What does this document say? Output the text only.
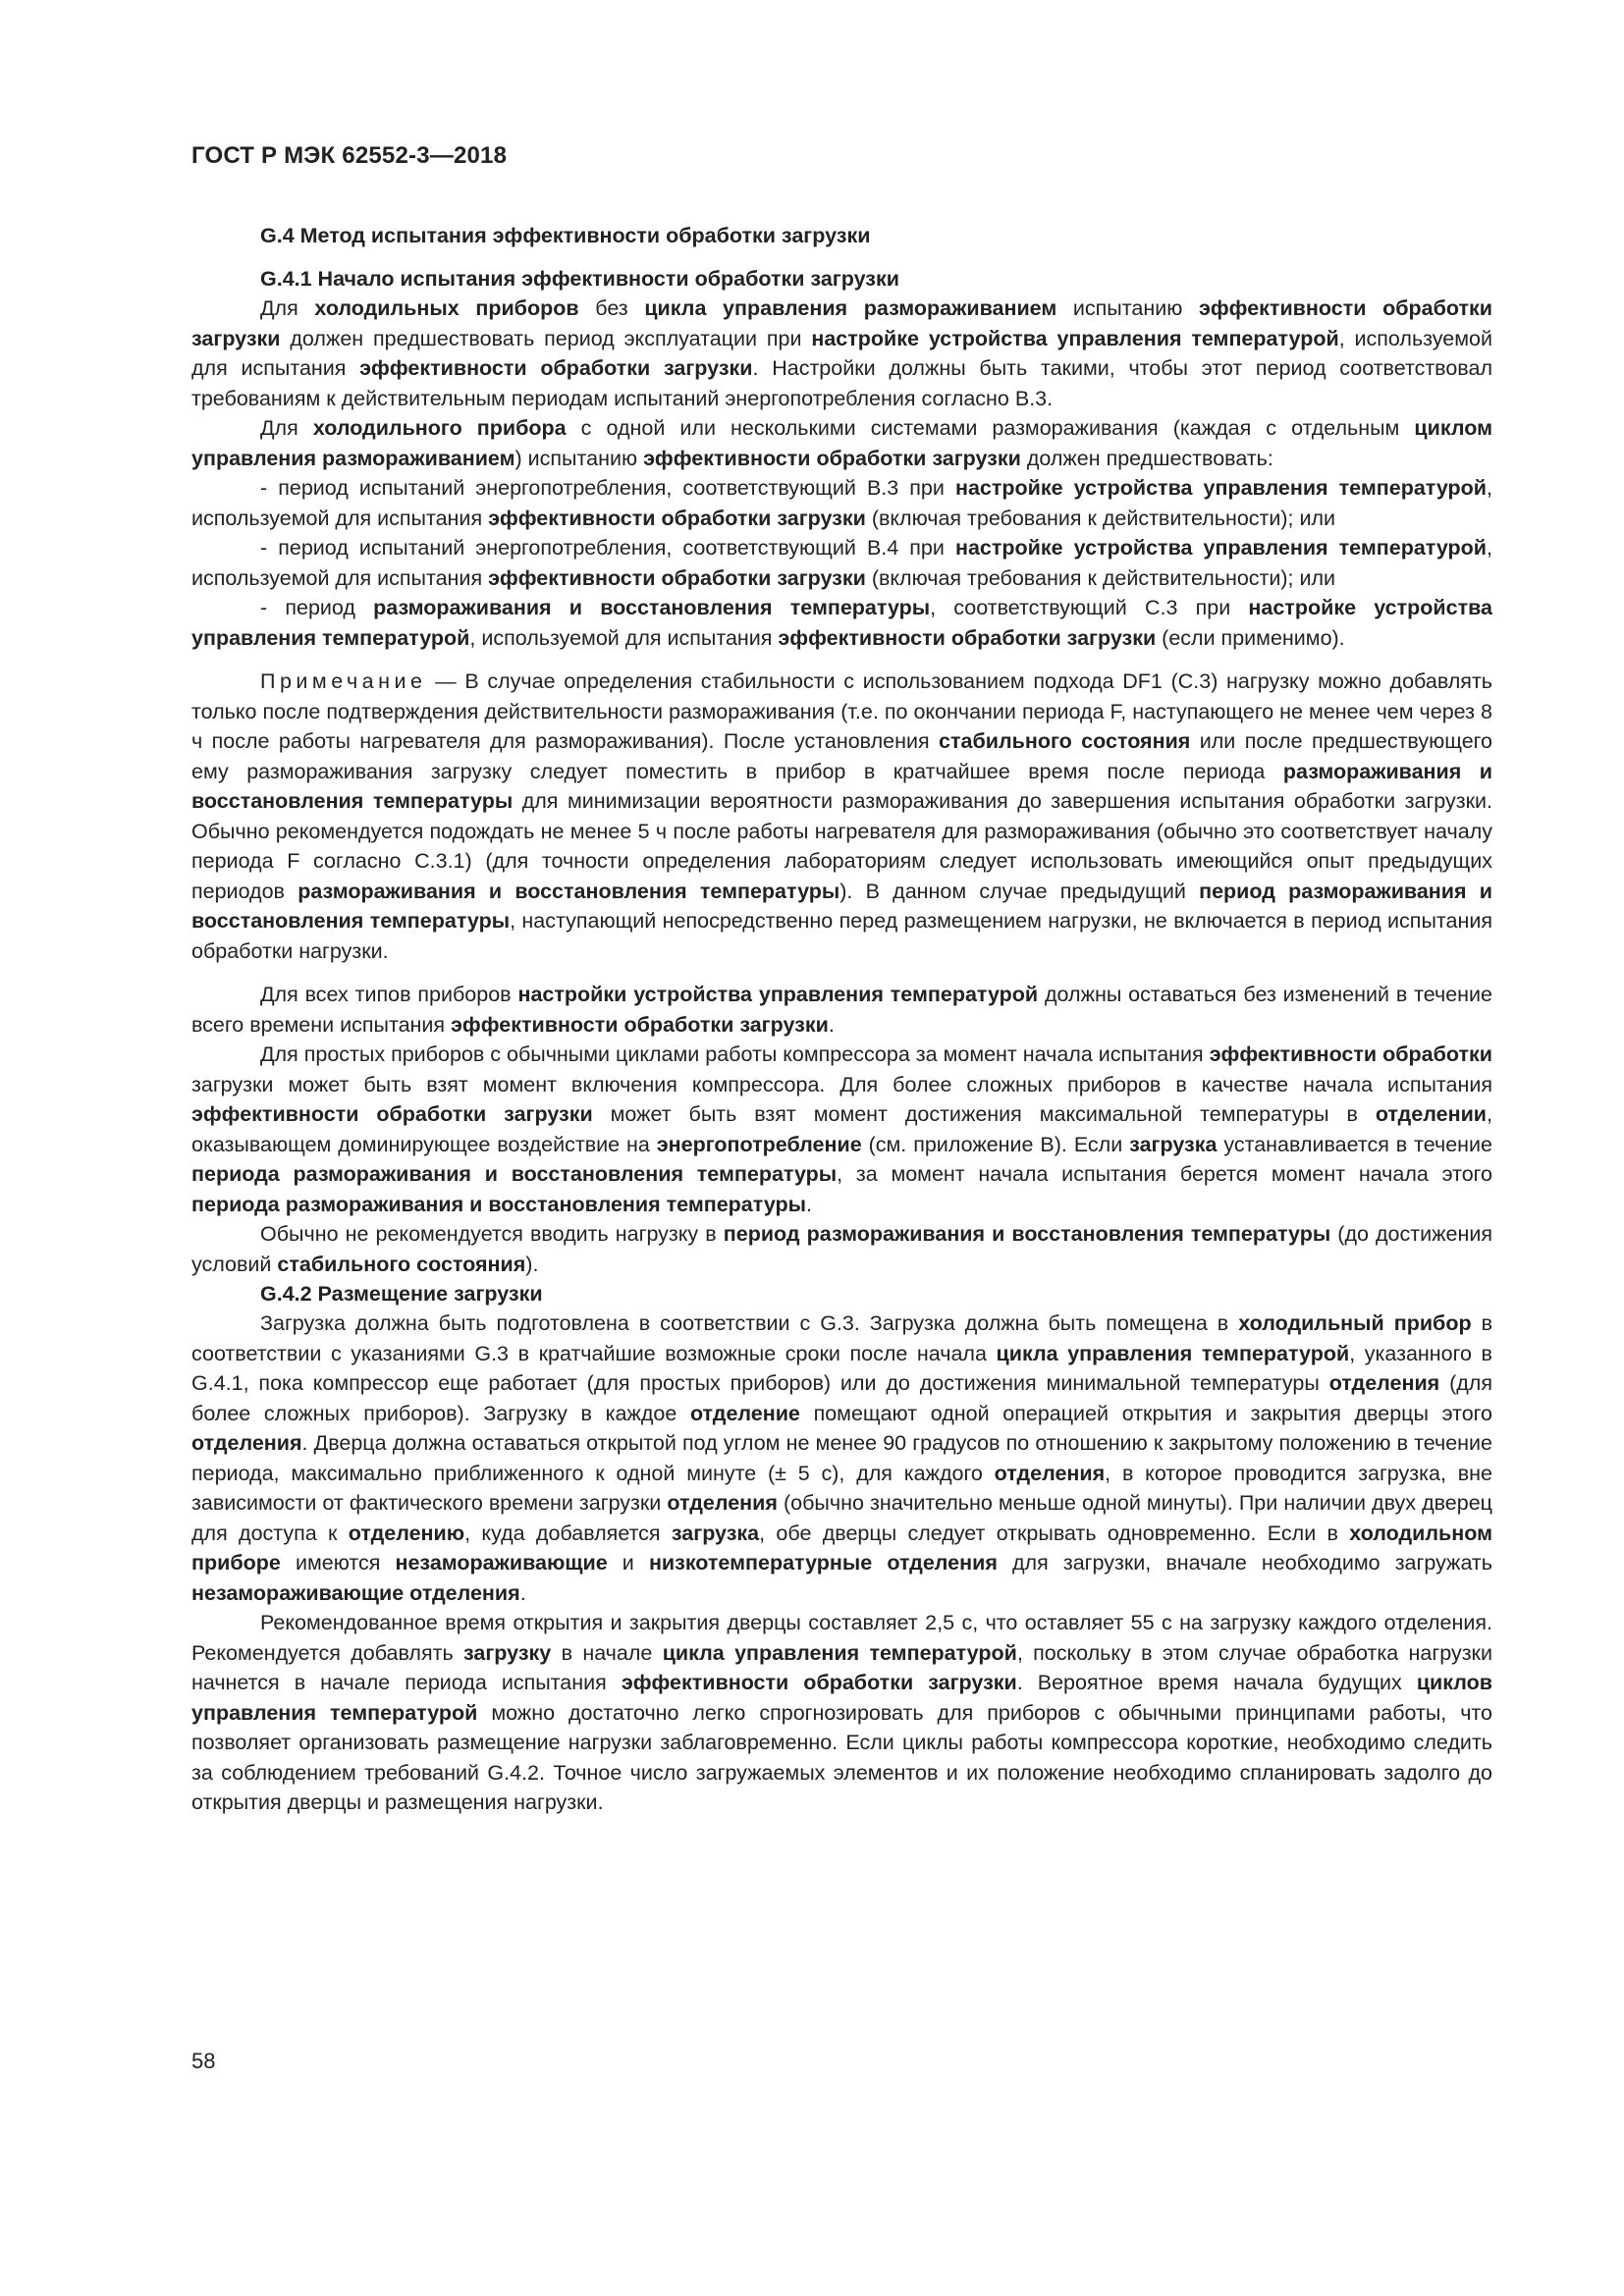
ГОСТ Р МЭК 62552-3—2018
G.4 Метод испытания эффективности обработки загрузки
G.4.1 Начало испытания эффективности обработки загрузки

Для холодильных приборов без цикла управления размораживанием испытанию эффективности обработки загрузки должен предшествовать период эксплуатации при настройке устройства управления температурой, используемой для испытания эффективности обработки загрузки. Настройки должны быть такими, чтобы этот период соответствовал требованиям к действительным периодам испытаний энергопотребления согласно В.3.

Для холодильного прибора с одной или несколькими системами размораживания (каждая с отдельным циклом управления размораживанием) испытанию эффективности обработки загрузки должен предшествовать:

- период испытаний энергопотребления, соответствующий В.3 при настройке устройства управления температурой, используемой для испытания эффективности обработки загрузки (включая требования к действительности); или

- период испытаний энергопотребления, соответствующий В.4 при настройке устройства управления температурой, используемой для испытания эффективности обработки загрузки (включая требования к действительности); или

- период размораживания и восстановления температуры, соответствующий С.3 при настройке устройства управления температурой, используемой для испытания эффективности обработки загрузки (если применимо).

Примечание — В случае определения стабильности с использованием подхода DF1 (С.3) нагрузку можно добавлять только после подтверждения действительности размораживания (т.е. по окончании периода F, наступающего не менее чем через 8 ч после работы нагревателя для размораживания). После установления стабильного состояния или после предшествующего ему размораживания загрузку следует поместить в прибор в кратчайшее время после периода размораживания и восстановления температуры для минимизации вероятности размораживания до завершения испытания обработки загрузки. Обычно рекомендуется подождать не менее 5 ч после работы нагревателя для размораживания (обычно это соответствует началу периода F согласно С.3.1) (для точности определения лабораториям следует использовать имеющийся опыт предыдущих периодов размораживания и восстановления температуры). В данном случае предыдущий период размораживания и восстановления температуры, наступающий непосредственно перед размещением нагрузки, не включается в период испытания обработки нагрузки.

Для всех типов приборов настройки устройства управления температурой должны оставаться без изменений в течение всего времени испытания эффективности обработки загрузки.

Для простых приборов с обычными циклами работы компрессора за момент начала испытания эффективности обработки загрузки может быть взят момент включения компрессора. Для более сложных приборов в качестве начала испытания эффективности обработки загрузки может быть взят момент достижения максимальной температуры в отделении, оказывающем доминирующее воздействие на энергопотребление (см. приложение В). Если загрузка устанавливается в течение периода размораживания и восстановления температуры, за момент начала испытания берется момент начала этого периода размораживания и восстановления температуры.

Обычно не рекомендуется вводить нагрузку в период размораживания и восстановления температуры (до достижения условий стабильного состояния).

G.4.2 Размещение загрузки

Загрузка должна быть подготовлена в соответствии с G.3. Загрузка должна быть помещена в холодильный прибор в соответствии с указаниями G.3 в кратчайшие возможные сроки после начала цикла управления температурой, указанного в G.4.1, пока компрессор еще работает (для простых приборов) или до достижения минимальной температуры отделения (для более сложных приборов). Загрузку в каждое отделение помещают одной операцией открытия и закрытия дверцы этого отделения. Дверца должна оставаться открытой под углом не менее 90 градусов по отношению к закрытому положению в течение периода, максимально приближенного к одной минуте (± 5 с), для каждого отделения, в которое проводится загрузка, вне зависимости от фактического времени загрузки отделения (обычно значительно меньше одной минуты). При наличии двух дверец для доступа к отделению, куда добавляется загрузка, обе дверцы следует открывать одновременно. Если в холодильном приборе имеются незамораживающие и низкотемпературные отделения для загрузки, вначале необходимо загружать незамораживающие отделения.

Рекомендованное время открытия и закрытия дверцы составляет 2,5 с, что оставляет 55 с на загрузку каждого отделения. Рекомендуется добавлять загрузку в начале цикла управления температурой, поскольку в этом случае обработка нагрузки начнется в начале периода испытания эффективности обработки загрузки. Вероятное время начала будущих циклов управления температурой можно достаточно легко спрогнозировать для приборов с обычными принципами работы, что позволяет организовать размещение нагрузки заблаговременно. Если циклы работы компрессора короткие, необходимо следить за соблюдением требований G.4.2. Точное число загружаемых элементов и их положение необходимо спланировать задолго до открытия дверцы и размещения нагрузки.

58
